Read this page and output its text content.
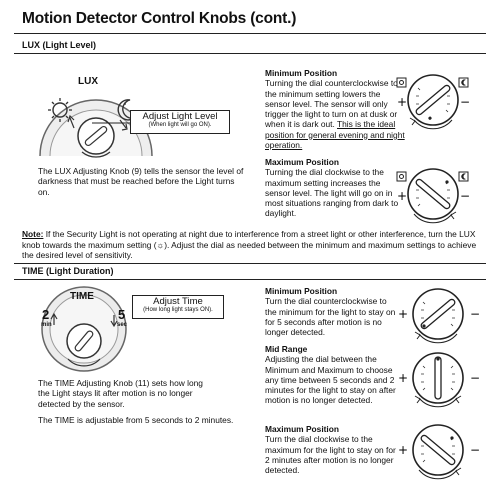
Motion Detector Control Knobs (cont.)
LUX (Light Level)
LUX
Adjust Light Level
(When light will go ON).
The LUX Adjusting Knob (9) tells the sensor the level of darkness that must be reached before the Light turns on.
Minimum Position
Turning the dial counterclockwise to the minimum setting lowers the sensor level. The sensor will only trigger the light to turn on at dusk or when it is dark out. This is the ideal position for general evening and night operation.
Maximum Position
Turning the dial clockwise to the maximum setting increases the sensor level. The light will go on in most situations ranging from dark to daylight.
+	−
+	−
Note: If the Security Light is not operating at night due to interference from a street light or other interference, turn the LUX knob towards the maximum setting (☼). Adjust the dial as needed between the minimum and maximum settings to achieve the desired level of sensitivity.
TIME (Light Duration)
TIME
2
min
5
sec
Adjust Time
(How long light stays ON).
The TIME Adjusting Knob (11) sets how long the Light stays lit after motion is no longer detected by the sensor.
The TIME is adjustable from 5 seconds to 2 minutes.
Minimum Position
Turn the dial counterclockwise to the minimum for the light to stay on for 5 seconds after motion is no longer detected.
Mid Range
Adjusting the dial between the Minimum and Maximum to choose any time between 5 seconds and 2 minutes for the light to stay on after motion is no longer detected.
Maximum Position
Turn the dial clockwise to the maximum for the light to stay on for 2 minutes after motion is no longer detected.
+	−
+	−
+	−
